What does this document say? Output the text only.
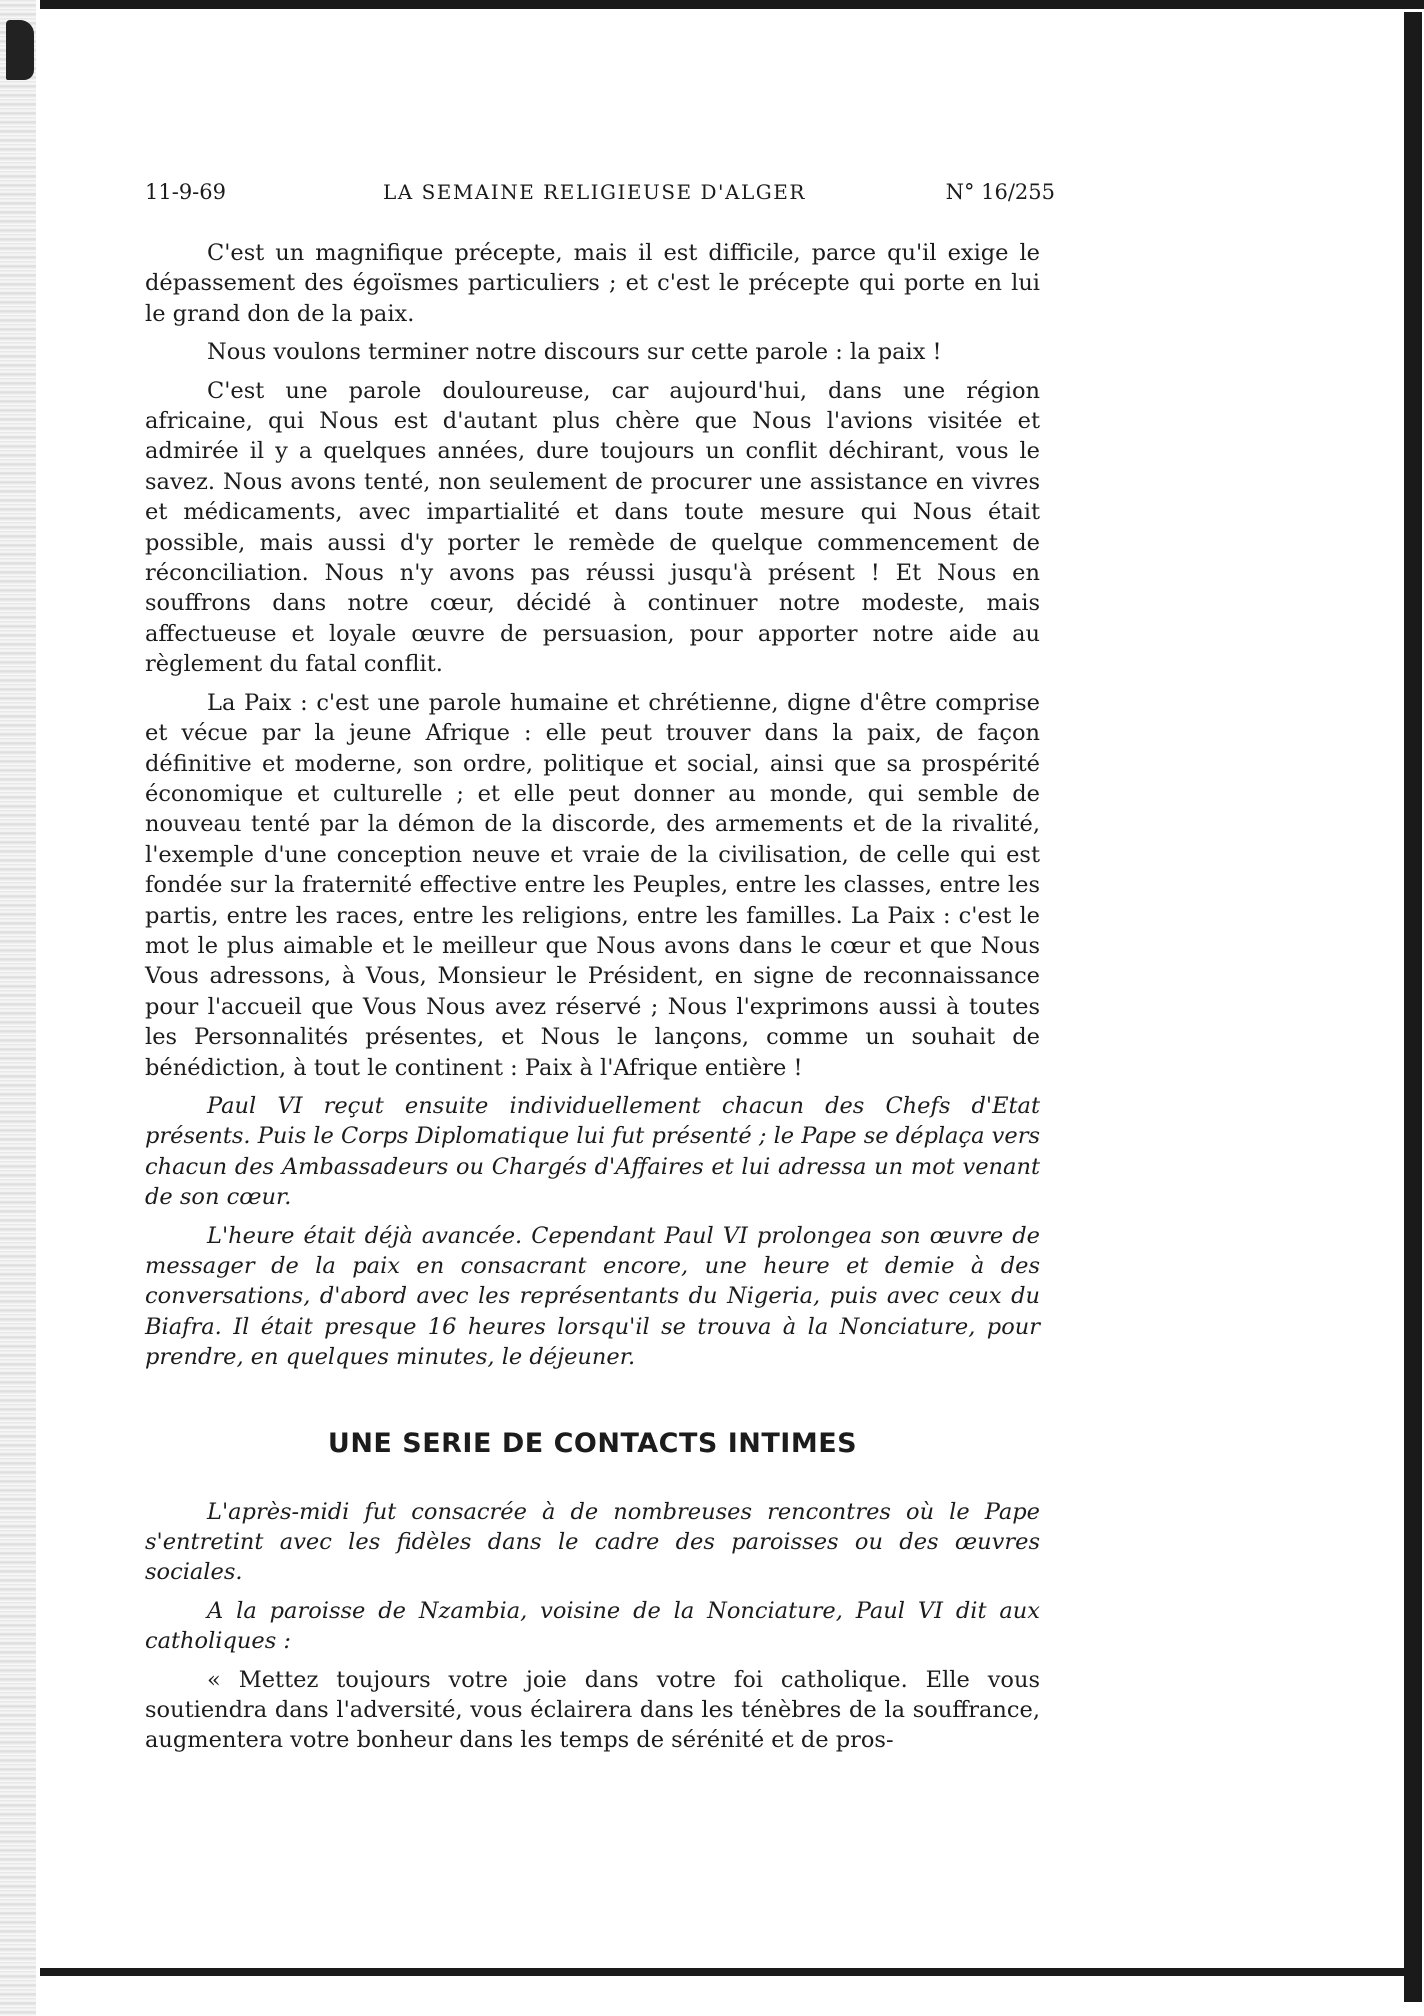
11-9-69	LA SEMAINE RELIGIEUSE D'ALGER	N° 16/255

C'est un magnifique précepte, mais il est difficile, parce qu'il exige le dépassement des égoïsmes particuliers ; et c'est le précepte qui porte en lui le grand don de la paix.

Nous voulons terminer notre discours sur cette parole : la paix !

C'est une parole douloureuse, car aujourd'hui, dans une région africaine, qui Nous est d'autant plus chère que Nous l'avions visitée et admirée il y a quelques années, dure toujours un conflit déchirant, vous le savez. Nous avons tenté, non seulement de procurer une assistance en vivres et médicaments, avec impartialité et dans toute mesure qui Nous était possible, mais aussi d'y porter le remède de quelque commencement de réconciliation. Nous n'y avons pas réussi jusqu'à présent ! Et Nous en souffrons dans notre cœur, décidé à continuer notre modeste, mais affectueuse et loyale œuvre de persuasion, pour apporter notre aide au règlement du fatal conflit.

La Paix : c'est une parole humaine et chrétienne, digne d'être comprise et vécue par la jeune Afrique : elle peut trouver dans la paix, de façon définitive et moderne, son ordre, politique et social, ainsi que sa prospérité économique et culturelle ; et elle peut donner au monde, qui semble de nouveau tenté par la démon de la discorde, des armements et de la rivalité, l'exemple d'une conception neuve et vraie de la civilisation, de celle qui est fondée sur la fraternité effective entre les Peuples, entre les classes, entre les partis, entre les races, entre les religions, entre les familles. La Paix : c'est le mot le plus aimable et le meilleur que Nous avons dans le cœur et que Nous Vous adressons, à Vous, Monsieur le Président, en signe de reconnaissance pour l'accueil que Vous Nous avez réservé ; Nous l'exprimons aussi à toutes les Personnalités présentes, et Nous le lançons, comme un souhait de bénédiction, à tout le continent : Paix à l'Afrique entière !

Paul VI reçut ensuite individuellement chacun des Chefs d'Etat présents. Puis le Corps Diplomatique lui fut présenté ; le Pape se déplaça vers chacun des Ambassadeurs ou Chargés d'Affaires et lui adressa un mot venant de son cœur.

L'heure était déjà avancée. Cependant Paul VI prolongea son œuvre de messager de la paix en consacrant encore, une heure et demie à des conversations, d'abord avec les représentants du Nigeria, puis avec ceux du Biafra. Il était presque 16 heures lorsqu'il se trouva à la Nonciature, pour prendre, en quelques minutes, le déjeuner.

UNE SERIE DE CONTACTS INTIMES

L'après-midi fut consacrée à de nombreuses rencontres où le Pape s'entretint avec les fidèles dans le cadre des paroisses ou des œuvres sociales.

A la paroisse de Nzambia, voisine de la Nonciature, Paul VI dit aux catholiques :

« Mettez toujours votre joie dans votre foi catholique. Elle vous soutiendra dans l'adversité, vous éclairera dans les ténèbres de la souffrance, augmentera votre bonheur dans les temps de sérénité et de pros-
